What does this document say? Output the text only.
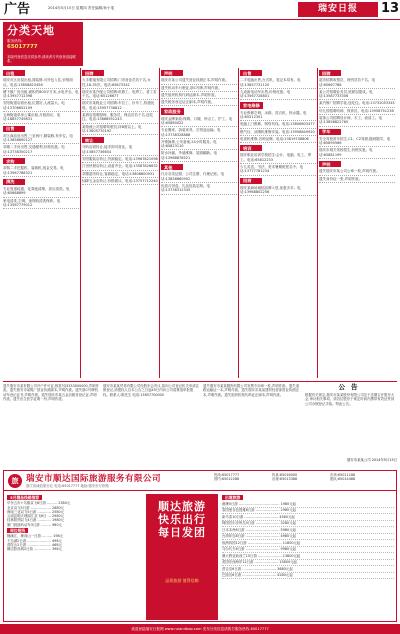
广告	2014年5月15日 星期四 责任编辑/孙小斐	瑞安日报	13
分类天地
服务热线:
65017777
本版刊登信息仅供参考,请读者与刊登者直接联系。
出租
瑞安市区房屋出租,简装修,可拎包入住,价格面议。电话:13858823456
塘下镇厂房出租,面积约800平方米,水电齐全。电话:13957712398
安阳街道店面出租,位置好,人流量大。电话:13706652109
玉海街道单身公寓出租,月租面议。电话:18857749831
出售
市区商品房出售,三室两厅,精装修,有车位。电话:13858890127
莘塍二手房出售,交通便利,价格优惠。电话:13738350217
求购
求购二手挖掘机、装载机,现金交易。电话:13967788321
清洗
专业管道疏通、化粪池清理、高压清洗。电话:65668899
家电清洗,空调、油烟机清洗保养。电话:13587779012
招聘
大丰眼镜有限公司招聘:门市营业员若干名,女性,18-35岁。电话:65873342
瑞安市某汽配公司招聘:机修工、电焊工、普工若干名。电话:65126677
瑞安市某鞋业公司招聘:车位工、针车工,待遇优厚。电话:13957738812
某酒店招聘厨师、服务员、保洁员若干名,包吃住。电话:13868551243
某物流公司招聘驾驶员,持B照以上。电话:13605770192
转让
马屿店面转让,接手即可营业。电话:13857736654
安阳服装店转让,货源稳定。电话:13967821098
汀田快餐店转让,设备齐全。电话:13587826632
莘塍超市转让,客源稳定。电话:13806800931
仙降五金店转让,价格面议。电话:13757712240
声明
瑞安市某公司遗失营业执照正本,声明作废。
遗失机动车行驶证,浙C号牌,声明作废。
遗失组织机构代码证副本,声明作废。
遗失税务登记证正副本,声明作废。
家政服务
瑞安金牌家政:保姆、月嫂、钟点工、护工。电话:65880022
专业搬家、拆装家具、长短途运输。电话:13738328888
开锁换锁,公安备案,24小时服务。电话:65823110
防水补漏、外墙维修、屋面翻新。电话:13968876521
其他
代办各类证照、公司注册、代理记账。电话:13858860902
优质月饼盒、礼品包装定制。电话:13736312345
出售
二手电脑出售,台式机、笔记本均有。电话:13857731120
九成新电动车出售,价格优惠。电话:13567728801
家电维修
专业维修空调、冰箱、洗衣机、热水器。电话:65512301
电脑上门维修、网络布线。电话:13806803477
燃气灶、油烟机维修安装。电话:13958849920
电视机维修,各种品牌。电话:13819708806
培训
瑞安职业培训学校招生:会计、电脑、电工、焊工。电话:65812233
少儿英语、书法、美术暑期班报名中。电话:13777781234
招商
瑞安某商场诚招品牌入驻,优惠多多。电话:13968802256
招聘
超市招聘收银员、理货员若干名。电话:65667788
某公司招聘业务员,底薪加提成。电话:13587733306
某汽修厂招聘学徒,包吃住。电话:13732053345
幼儿园招聘幼师、保育员。电话:13958751238
装饰公司招聘设计师、木工、油漆工。电话:13858822765
学车
安全驾校常年招生,C1、C2驾照,随到随学。电话:65895566
瑞安市城关驾校招生,价格实惠。电话:65881199
声明
遗失瑞安市某公司公章一枚,声明作废。
遗失身份证一张,声明作废。
遗失瑞安市某有限公司开户许可证,核准号J3333000000,声明作废。遗失瑞安市某鞋厂营业执照副本,声明作废。遗失浙C号牌机动车登记证书,声明作废。遗失瑞安市某五金店税务登记证,声明作废。遗失出生医学证明一份,声明作废。
瑞安市某某贸易有限公司经股东会决议,拟向公司登记机关申请注销登记,请债权人自本公告之日起45日内向公司清算组申报债权。联系人:陈先生 电话:13857700000
遗失瑞安市某某服饰有限公司发票专用章一枚,声明作废。遗失道路运输证一本,声明作废。遗失瑞安市某某建材经营部营业执照正本,声明作废。遗失组织机构代码证正副本,声明作废。
公告
根据有关规定,瑞安市某某股份有限公司定于近期召开股东大会,审议相关事项。请各位股东于规定时间内携带有效证件到公司办理登记手续。特此公告。
瑞安市某某公司 2014年5月15日
旅 瑞安市顺达国际旅游服务有限公司
浙江省诚信旅行社 电话:65017777 地址:瑞安市万松路
热线:65017777	传真:65016000	市场:65011188
国内:65012288	出境:65013388	团队:65014488
5月精品线路推荐
华东五市+乌镇双飞6日游 ……… 2380元
北京双飞5日游 ……………… 2680元
海南三亚双飞5日游 ………… 2580元
云南昆明大理丽江双飞6日 … 2980元
桂林阳朔双飞4日游 ………… 1980元
厦门鼓浪屿动车3日游 ……… 980元
周边短线
楠溪江、雁荡山一日游 ……… 198元
千岛湖2日游 ………………… 498元
普陀山2日游 ………………… 468元
横店影视城2日游 …………… 398元
顺达旅游 快乐出行 每日发团
品质旅游 值得信赖
出境旅游
港澳5日游 ……………………………… 1980元起
泰国曼谷芭提雅6日游 ………………… 2980元起
新马泰10日游 ………………………… 4580元起
韩国首尔济州岛5日游 ………………… 3280元起
日本本州6日游 ………………………… 5980元起
台湾环岛8日游 ………………………… 4980元起
欧洲四国12日游 ………………………… 11800元起
马尔代夫6日游 ………………………… 9980元起
澳大利亚新西兰10日游 ………………… 13800元起
美国东西海岸12日游 ………………… 15800元起
普吉岛6日游 ………………………… 3680元起
巴厘岛6日游 ………………………… 4280元起
欢迎登陆瑞安日报网 www.ruianribao.com 发布分类信息请拨打服务热线 65017777
